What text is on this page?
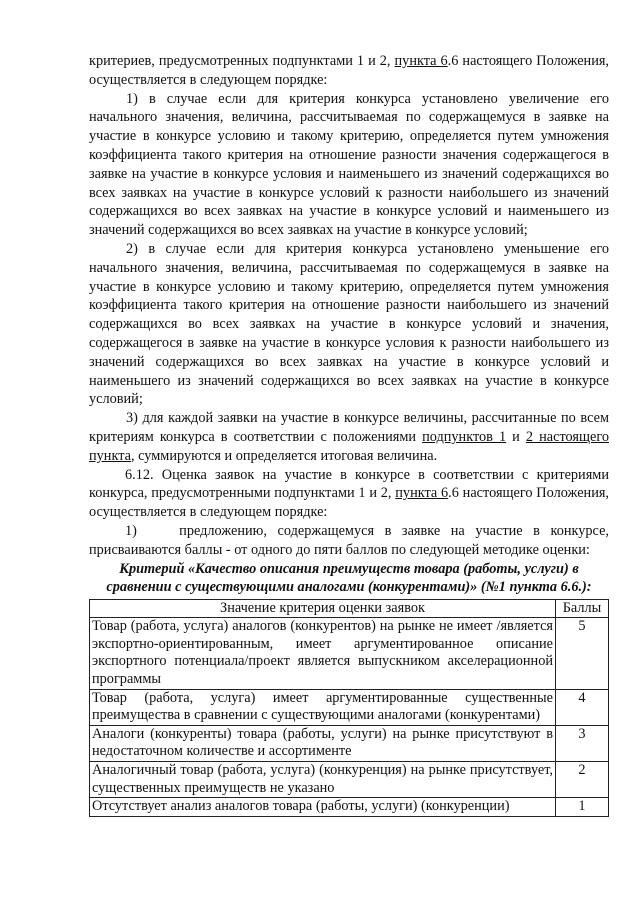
критериев, предусмотренных подпунктами 1 и 2, пункта 6.6 настоящего Положения, осуществляется в следующем порядке:

1) в случае если для критерия конкурса установлено увеличение его начального значения, величина, рассчитываемая по содержащемуся в заявке на участие в конкурсе условию и такому критерию, определяется путем умножения коэффициента такого критерия на отношение разности значения содержащегося в заявке на участие в конкурсе условия и наименьшего из значений содержащихся во всех заявках на участие в конкурсе условий к разности наибольшего из значений содержащихся во всех заявках на участие в конкурсе условий и наименьшего из значений содержащихся во всех заявках на участие в конкурсе условий;

2) в случае если для критерия конкурса установлено уменьшение его начального значения, величина, рассчитываемая по содержащемуся в заявке на участие в конкурсе условию и такому критерию, определяется путем умножения коэффициента такого критерия на отношение разности наибольшего из значений содержащихся во всех заявках на участие в конкурсе условий и значения, содержащегося в заявке на участие в конкурсе условия к разности наибольшего из значений содержащихся во всех заявках на участие в конкурсе условий и наименьшего из значений содержащихся во всех заявках на участие в конкурсе условий;

3) для каждой заявки на участие в конкурсе величины, рассчитанные по всем критериям конкурса в соответствии с положениями подпунктов 1 и 2 настоящего пункта, суммируются и определяется итоговая величина.

6.12. Оценка заявок на участие в конкурсе в соответствии с критериями конкурса, предусмотренными подпунктами 1 и 2, пункта 6.6 настоящего Положения, осуществляется в следующем порядке:

1)    предложению, содержащемуся в заявке на участие в конкурсе, присваиваются баллы - от одного до пяти баллов по следующей методике оценки:

Критерий «Качество описания преимуществ товара (работы, услуги) в сравнении с существующими аналогами (конкурентами)» (№1 пункта 6.6.):

Значение критерия оценки заявок	Баллы
Товар (работа, услуга) аналогов (конкурентов) на рынке не имеет /является экспортно-ориентированным, имеет аргументированное описание экспортного потенциала/проект является выпускником акселерационной программы	5
Товар (работа, услуга) имеет аргументированные существенные преимущества в сравнении с существующими аналогами (конкурентами)	4
Аналоги (конкуренты) товара (работы, услуги) на рынке присутствуют в недостаточном количестве и ассортименте	3
Аналогичный товар (работа, услуга) (конкуренция) на рынке присутствует, существенных преимуществ не указано	2
Отсутствует анализ аналогов товара (работы, услуги) (конкуренции)	1
